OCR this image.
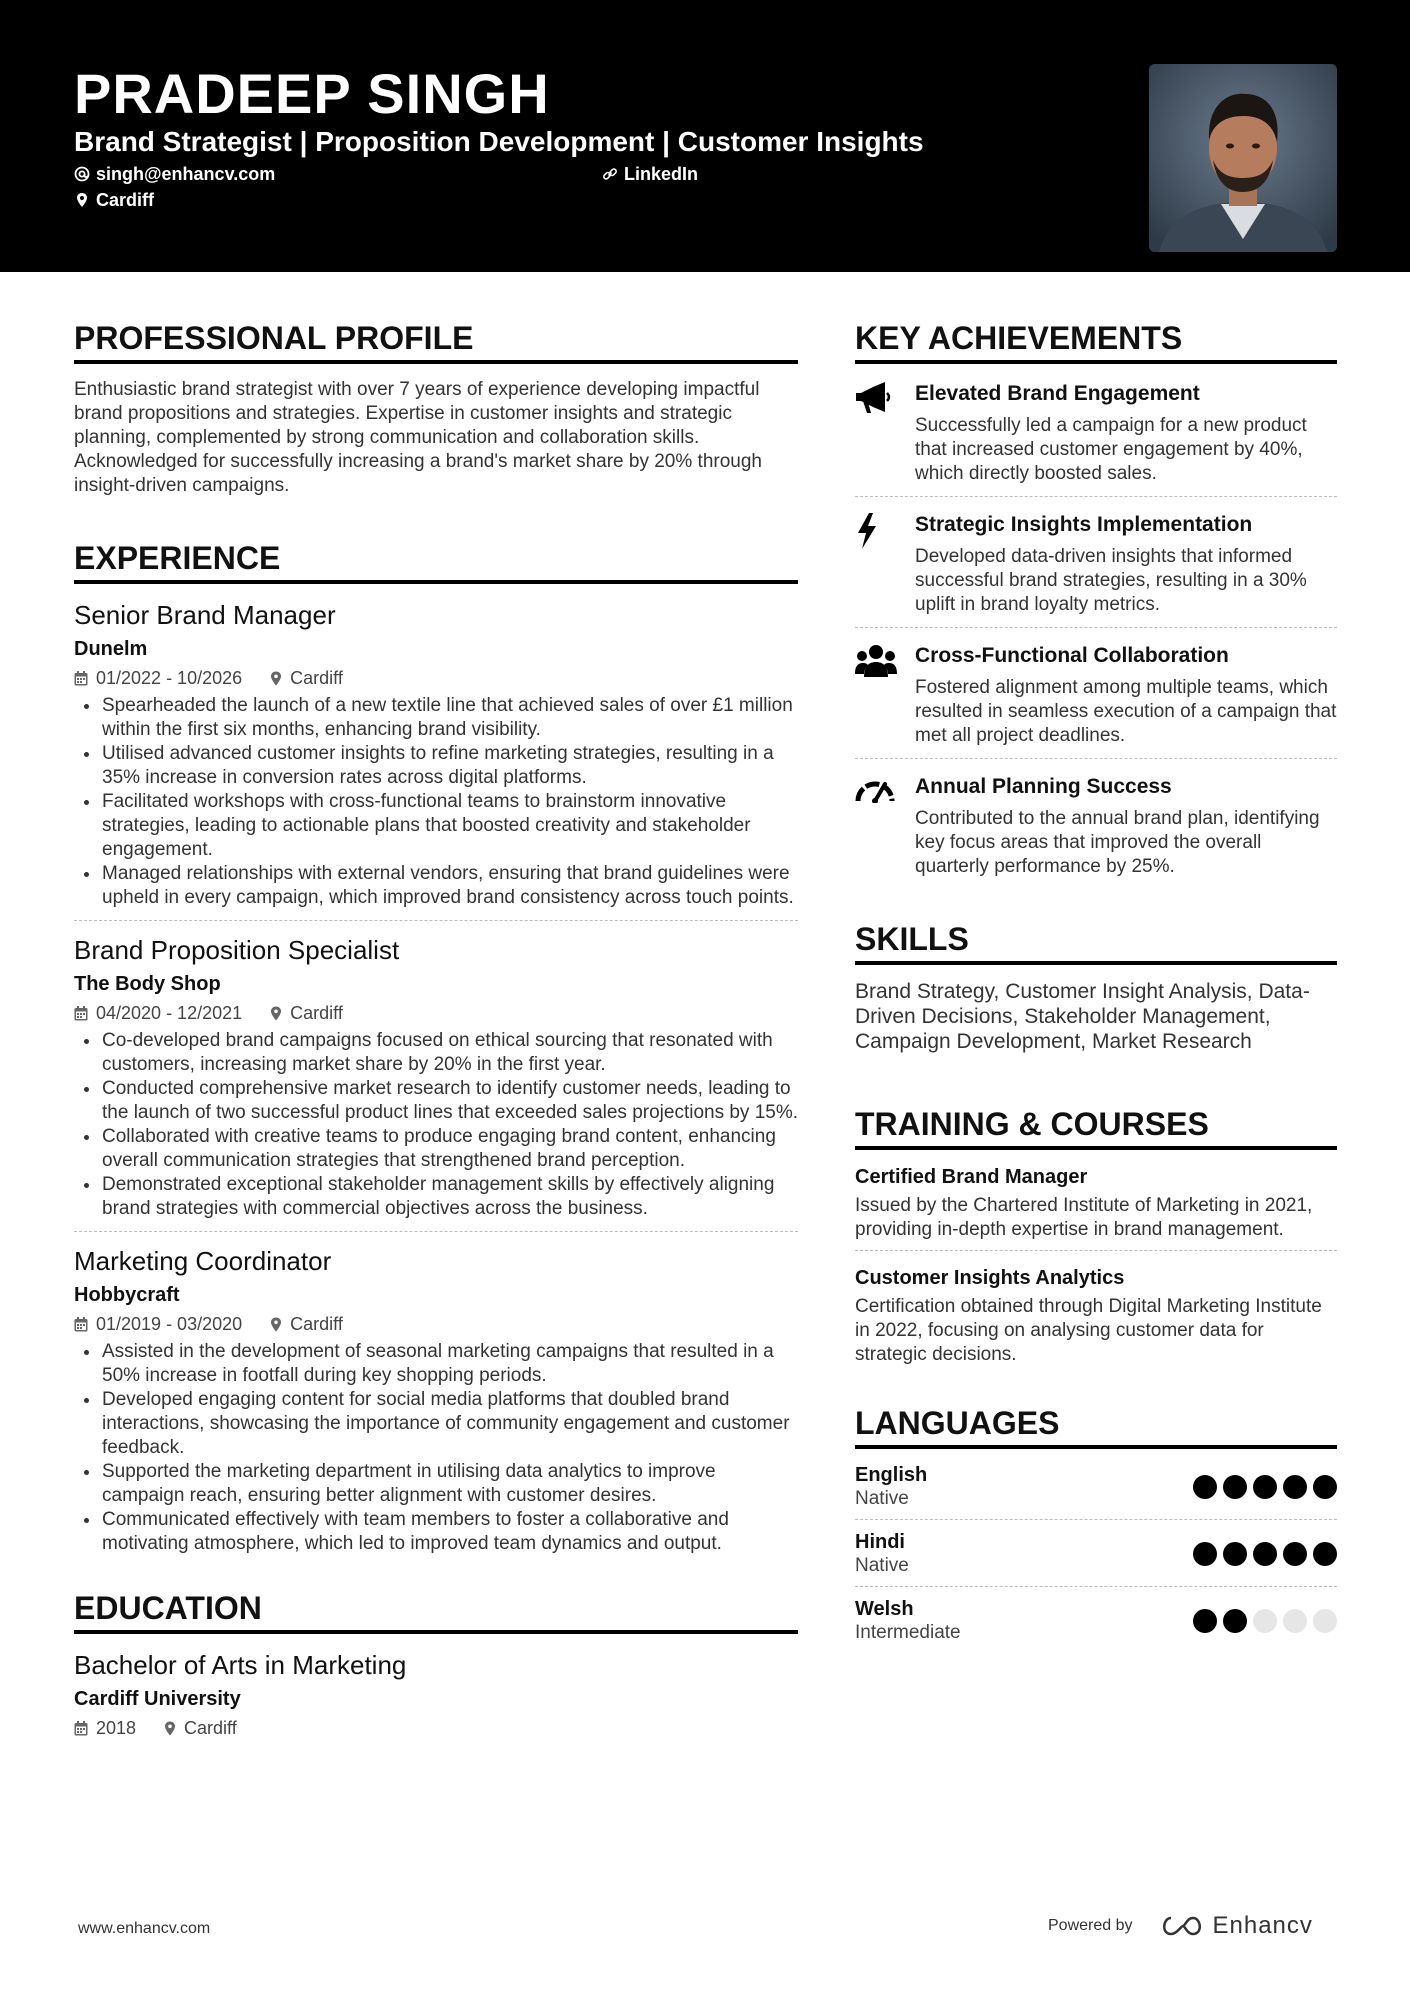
PRADEEP SINGH
Brand Strategist | Proposition Development | Customer Insights
singh@enhancv.com	LinkedIn
Cardiff
PROFESSIONAL PROFILE
Enthusiastic brand strategist with over 7 years of experience developing impactful brand propositions and strategies. Expertise in customer insights and strategic planning, complemented by strong communication and collaboration skills. Acknowledged for successfully increasing a brand's market share by 20% through insight-driven campaigns.
EXPERIENCE
Senior Brand Manager
Dunelm
01/2022 - 10/2026	Cardiff
Spearheaded the launch of a new textile line that achieved sales of over £1 million within the first six months, enhancing brand visibility.
Utilised advanced customer insights to refine marketing strategies, resulting in a 35% increase in conversion rates across digital platforms.
Facilitated workshops with cross-functional teams to brainstorm innovative strategies, leading to actionable plans that boosted creativity and stakeholder engagement.
Managed relationships with external vendors, ensuring that brand guidelines were upheld in every campaign, which improved brand consistency across touch points.
Brand Proposition Specialist
The Body Shop
04/2020 - 12/2021	Cardiff
Co-developed brand campaigns focused on ethical sourcing that resonated with customers, increasing market share by 20% in the first year.
Conducted comprehensive market research to identify customer needs, leading to the launch of two successful product lines that exceeded sales projections by 15%.
Collaborated with creative teams to produce engaging brand content, enhancing overall communication strategies that strengthened brand perception.
Demonstrated exceptional stakeholder management skills by effectively aligning brand strategies with commercial objectives across the business.
Marketing Coordinator
Hobbycraft
01/2019 - 03/2020	Cardiff
Assisted in the development of seasonal marketing campaigns that resulted in a 50% increase in footfall during key shopping periods.
Developed engaging content for social media platforms that doubled brand interactions, showcasing the importance of community engagement and customer feedback.
Supported the marketing department in utilising data analytics to improve campaign reach, ensuring better alignment with customer desires.
Communicated effectively with team members to foster a collaborative and motivating atmosphere, which led to improved team dynamics and output.
EDUCATION
Bachelor of Arts in Marketing
Cardiff University
2018	Cardiff
KEY ACHIEVEMENTS
Elevated Brand Engagement
Successfully led a campaign for a new product that increased customer engagement by 40%, which directly boosted sales.
Strategic Insights Implementation
Developed data-driven insights that informed successful brand strategies, resulting in a 30% uplift in brand loyalty metrics.
Cross-Functional Collaboration
Fostered alignment among multiple teams, which resulted in seamless execution of a campaign that met all project deadlines.
Annual Planning Success
Contributed to the annual brand plan, identifying key focus areas that improved the overall quarterly performance by 25%.
SKILLS
Brand Strategy, Customer Insight Analysis, Data-Driven Decisions, Stakeholder Management, Campaign Development, Market Research
TRAINING & COURSES
Certified Brand Manager
Issued by the Chartered Institute of Marketing in 2021, providing in-depth expertise in brand management.
Customer Insights Analytics
Certification obtained through Digital Marketing Institute in 2022, focusing on analysing customer data for strategic decisions.
LANGUAGES
English
Native
Hindi
Native
Welsh
Intermediate
www.enhancv.com	Powered by	Enhancv
